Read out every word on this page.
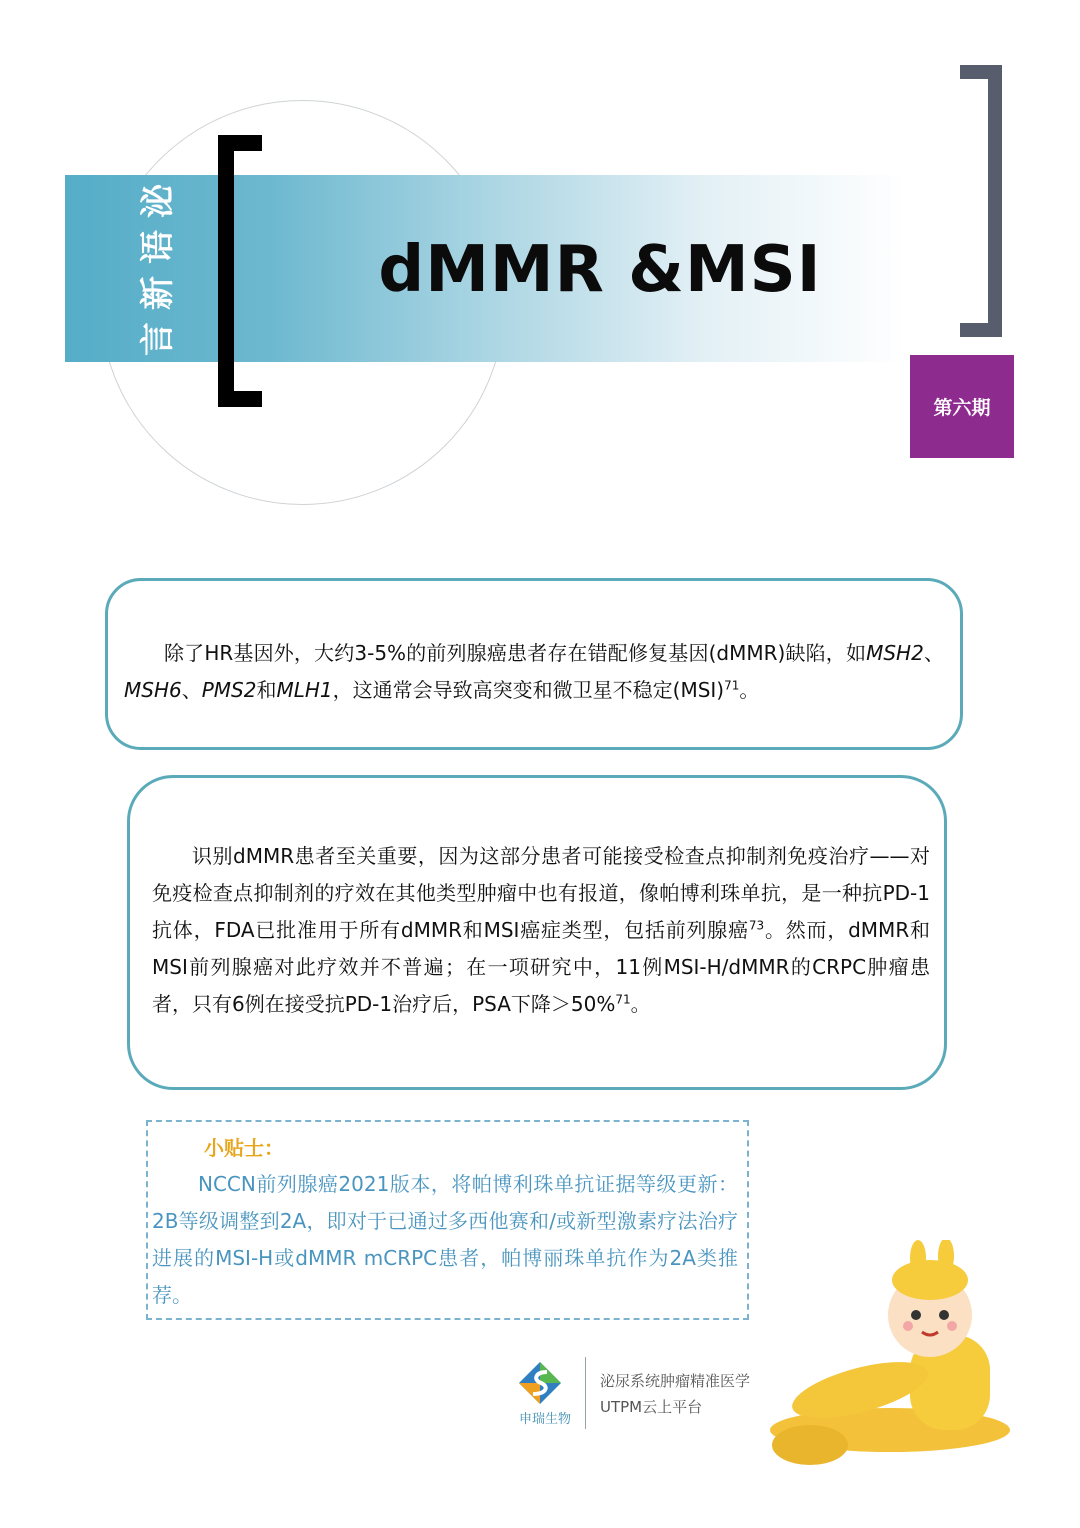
泌
语
新
言
dMMR &MSI
第六期

除了HR基因外，大约3-5%的前列腺癌患者存在错配修复基因(dMMR)缺陷，如MSH2、MSH6、PMS2和MLH1，这通常会导致高突变和微卫星不稳定(MSI)$^{71}$。

识别dMMR患者至关重要，因为这部分患者可能接受检查点抑制剂免疫治疗——对免疫检查点抑制剂的疗效在其他类型肿瘤中也有报道，像帕博利珠单抗，是一种抗PD-1抗体，FDA已批准用于所有dMMR和MSI癌症类型，包括前列腺癌$^{73}$。然而，dMMR和MSI前列腺癌对此疗效并不普遍；在一项研究中，11例MSI-H/dMMR的CRPC肿瘤患者，只有6例在接受抗PD-1治疗后，PSA下降＞50%$^{71}$。

小贴士：

NCCN前列腺癌2021版本，将帕博利珠单抗证据等级更新：2B等级调整到2A，即对于已通过多西他赛和/或新型激素疗法治疗进展的MSI-H或dMMR mCRPC患者，帕博丽珠单抗作为2A类推荐。

申瑞生物
泌尿系统肿瘤精准医学
UTPM云上平台
